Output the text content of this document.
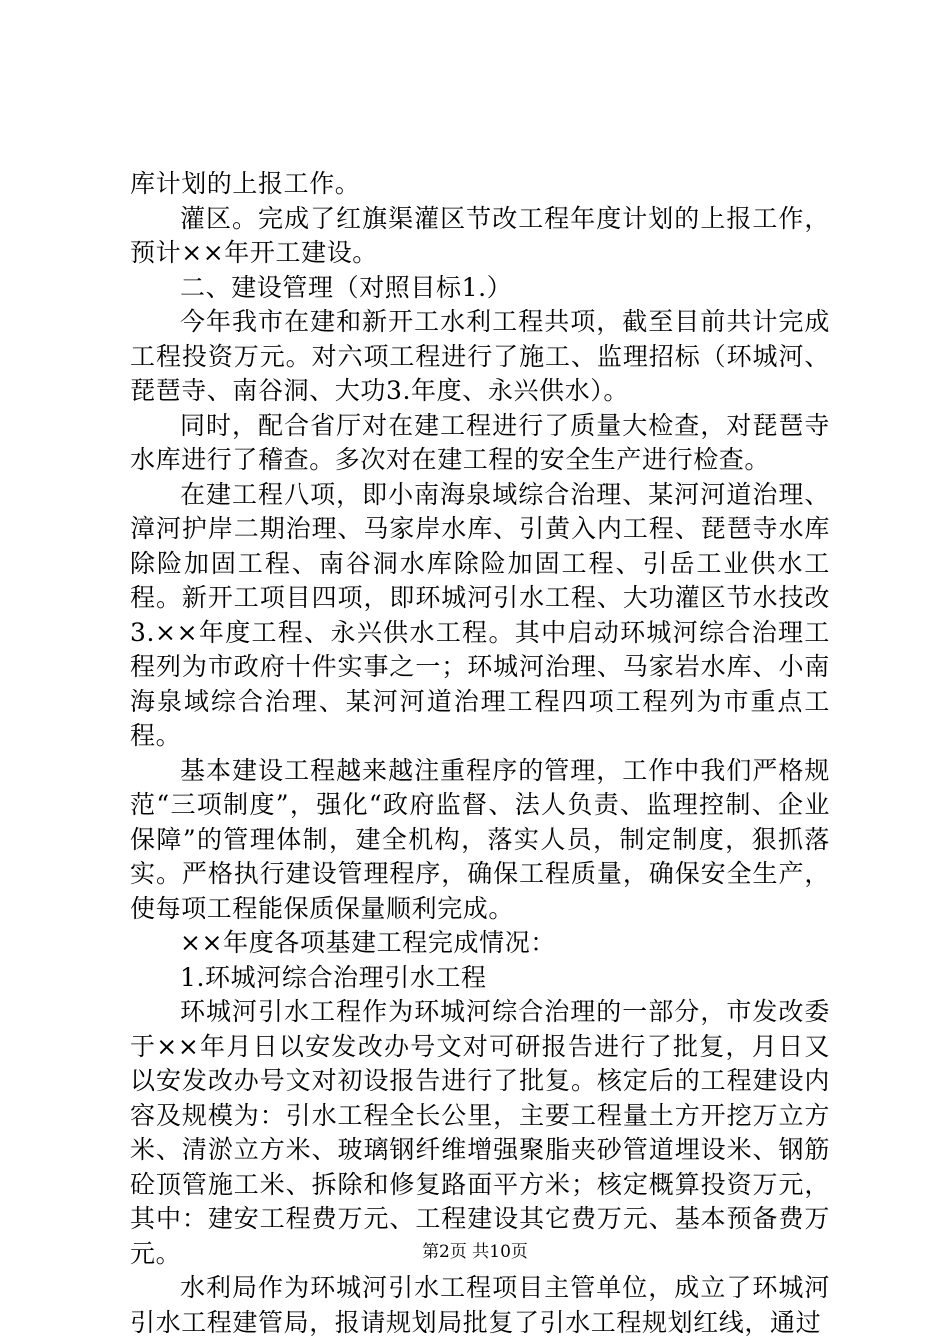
库计划的上报工作。

灌区。完成了红旗渠灌区节改工程年度计划的上报工作，预计××年开工建设。

二、建设管理（对照目标1.）

今年我市在建和新开工水利工程共项，截至目前共计完成工程投资万元。对六项工程进行了施工、监理招标（环城河、琵琶寺、南谷洞、大功3.年度、永兴供水）。

同时，配合省厅对在建工程进行了质量大检查，对琵琶寺水库进行了稽查。多次对在建工程的安全生产进行检查。

在建工程八项，即小南海泉域综合治理、某河河道治理、漳河护岸二期治理、马家岸水库、引黄入内工程、琵琶寺水库除险加固工程、南谷洞水库除险加固工程、引岳工业供水工程。新开工项目四项，即环城河引水工程、大功灌区节水技改3.××年度工程、永兴供水工程。其中启动环城河综合治理工程列为市政府十件实事之一；环城河治理、马家岩水库、小南海泉域综合治理、某河河道治理工程四项工程列为市重点工程。

基本建设工程越来越注重程序的管理，工作中我们严格规范“三项制度”，强化“政府监督、法人负责、监理控制、企业保障”的管理体制，建全机构，落实人员，制定制度，狠抓落实。严格执行建设管理程序，确保工程质量，确保安全生产，使每项工程能保质保量顺利完成。

××年度各项基建工程完成情况：

1.环城河综合治理引水工程

环城河引水工程作为环城河综合治理的一部分，市发改委于××年月日以安发改办号文对可研报告进行了批复，月日又以安发改办号文对初设报告进行了批复。核定后的工程建设内容及规模为：引水工程全长公里，主要工程量土方开挖万立方米、清淤立方米、玻璃钢纤维增强聚脂夹砂管道埋设米、钢筋砼顶管施工米、拆除和修复路面平方米；核定概算投资万元，其中：建安工程费万元、工程建设其它费万元、基本预备费万元。

水利局作为环城河引水工程项目主管单位，成立了环城河引水工程建管局，报请规划局批复了引水工程规划红线，通过

第2页 共10页
